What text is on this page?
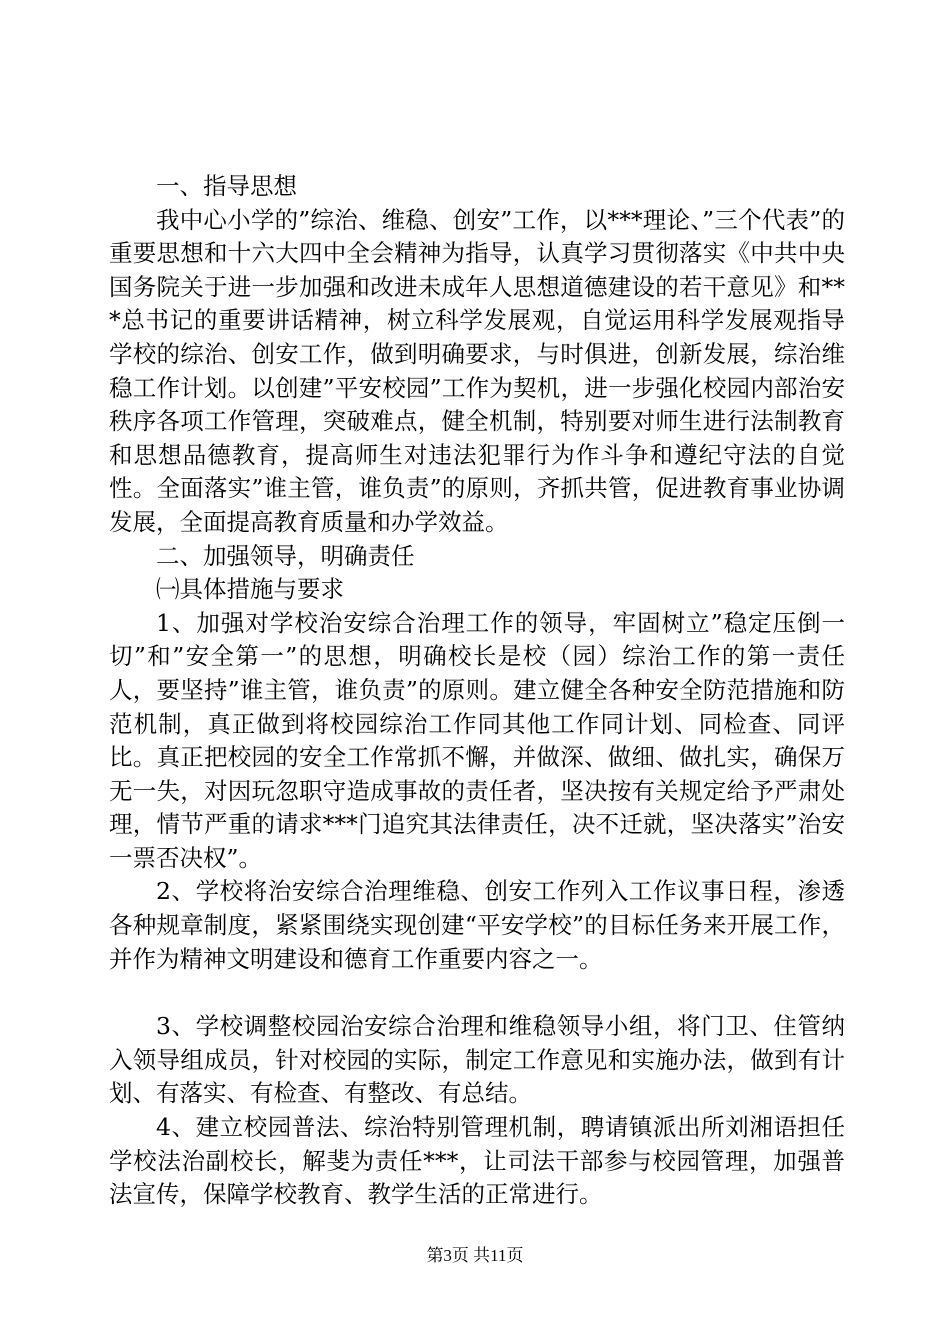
一、指导思想

我中心小学的”综治、维稳、创安”工作，以***理论、”三个代表”的重要思想和十六大四中全会精神为指导，认真学习贯彻落实《中共中央国务院关于进一步加强和改进未成年人思想道德建设的若干意见》和***总书记的重要讲话精神，树立科学发展观，自觉运用科学发展观指导学校的综治、创安工作，做到明确要求，与时俱进，创新发展，综治维稳工作计划。以创建”平安校园”工作为契机，进一步强化校园内部治安秩序各项工作管理，突破难点，健全机制，特别要对师生进行法制教育和思想品德教育，提高师生对违法犯罪行为作斗争和遵纪守法的自觉性。全面落实”谁主管，谁负责”的原则，齐抓共管，促进教育事业协调发展，全面提高教育质量和办学效益。

二、加强领导，明确责任

㈠具体措施与要求

1、加强对学校治安综合治理工作的领导，牢固树立”稳定压倒一切”和”安全第一”的思想，明确校长是校（园）综治工作的第一责任人，要坚持”谁主管，谁负责”的原则。建立健全各种安全防范措施和防范机制，真正做到将校园综治工作同其他工作同计划、同检查、同评比。真正把校园的安全工作常抓不懈，并做深、做细、做扎实，确保万无一失，对因玩忽职守造成事故的责任者，坚决按有关规定给予严肃处理，情节严重的请求***门追究其法律责任，决不迁就，坚决落实”治安一票否决权”。

2、学校将治安综合治理维稳、创安工作列入工作议事日程，渗透各种规章制度，紧紧围绕实现创建“平安学校”的目标任务来开展工作，并作为精神文明建设和德育工作重要内容之一。

3、学校调整校园治安综合治理和维稳领导小组，将门卫、住管纳入领导组成员，针对校园的实际，制定工作意见和实施办法，做到有计划、有落实、有检查、有整改、有总结。

4、建立校园普法、综治特别管理机制，聘请镇派出所刘湘语担任学校法治副校长，解斐为责任***，让司法干部参与校园管理，加强普法宣传，保障学校教育、教学生活的正常进行。

第3页 共11页
